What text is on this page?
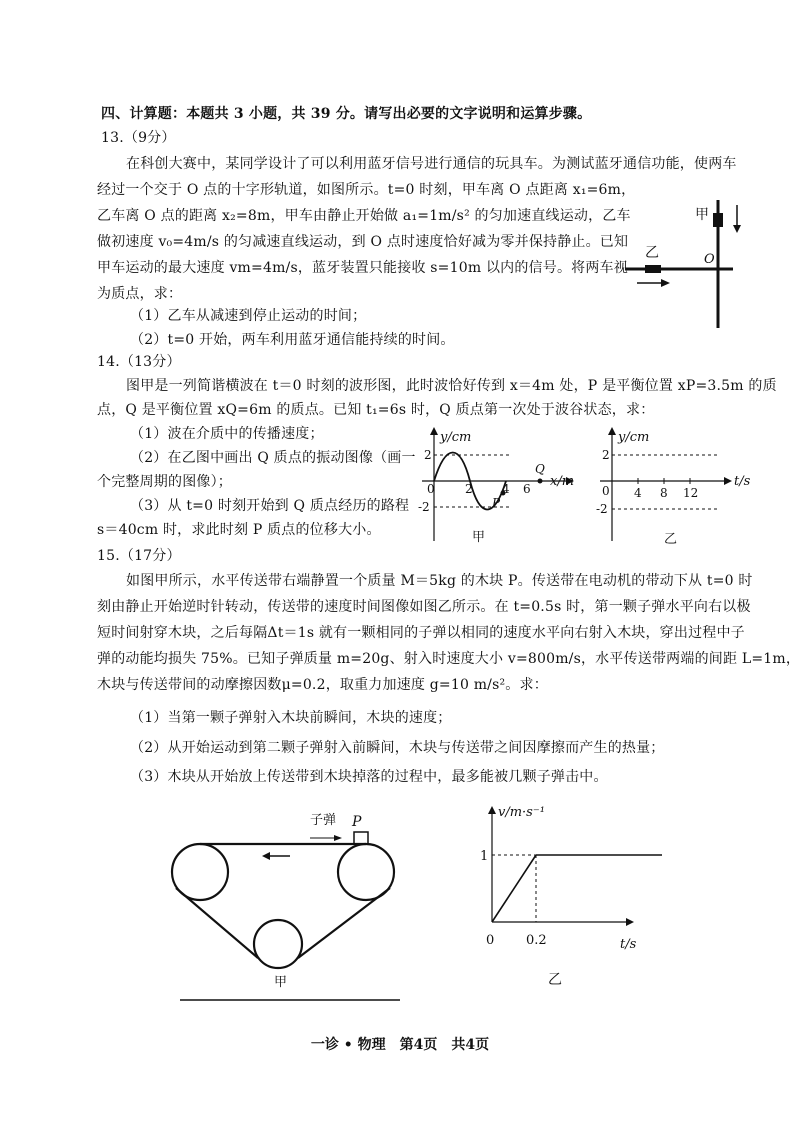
四、计算题：本题共 3 小题，共 39 分。请写出必要的文字说明和运算步骤。
13.（9分）
在科创大赛中，某同学设计了可以利用蓝牙信号进行通信的玩具车。为测试蓝牙通信功能，使两车
经过一个交于 O 点的十字形轨道，如图所示。t=0 时刻，甲车离 O 点距离 x₁=6m，
乙车离 O 点的距离 x₂=8m，甲车由静止开始做 a₁=1m/s² 的匀加速直线运动，乙车
做初速度 v₀=4m/s 的匀减速直线运动，到 O 点时速度恰好减为零并保持静止。已知
甲车运动的最大速度 vm=4m/s，蓝牙装置只能接收 s=10m 以内的信号。将两车视
为质点，求：
（1）乙车从减速到停止运动的时间；
（2）t=0 开始，两车利用蓝牙通信能持续的时间。
甲
乙	O
14.（13分）
图甲是一列简谐横波在 t＝0 时刻的波形图，此时波恰好传到 x＝4m 处，P 是平衡位置 xP=3.5m 的质
点，Q 是平衡位置 xQ=6m 的质点。已知 t₁=6s 时，Q 质点第一次处于波谷状态，求：
（1）波在介质中的传播速度；
（2）在乙图中画出 Q 质点的振动图像（画一
个完整周期的图像）；
（3）从 t=0 时刻开始到 Q 质点经历的路程
s＝40cm 时，求此时刻 P 质点的位移大小。
y/cm
x/m
2
-2
0	2 4 6
P
Q
甲
y/cm
t/s
2
-2
0 4 8 12
乙
15.（17分）
如图甲所示，水平传送带右端静置一个质量 M＝5kg 的木块 P。传送带在电动机的带动下从 t=0 时
刻由静止开始逆时针转动，传送带的速度时间图像如图乙所示。在 t=0.5s 时，第一颗子弹水平向右以极
短时间射穿木块，之后每隔Δt＝1s 就有一颗相同的子弹以相同的速度水平向右射入木块，穿出过程中子
弹的动能均损失 75%。已知子弹质量 m=20g、射入时速度大小 v=800m/s，水平传送带两端的间距 L=1m，
木块与传送带间的动摩擦因数μ=0.2，取重力加速度 g=10 m/s²。求：
（1）当第一颗子弹射入木块前瞬间，木块的速度；
（2）从开始运动到第二颗子弹射入前瞬间，木块与传送带之间因摩擦而产生的热量；
（3）木块从开始放上传送带到木块掉落的过程中，最多能被几颗子弹击中。
子弹 P
甲
v/m·s⁻¹
t/s
1
0 0.2
乙
一诊 • 物理　第4页　共4页
